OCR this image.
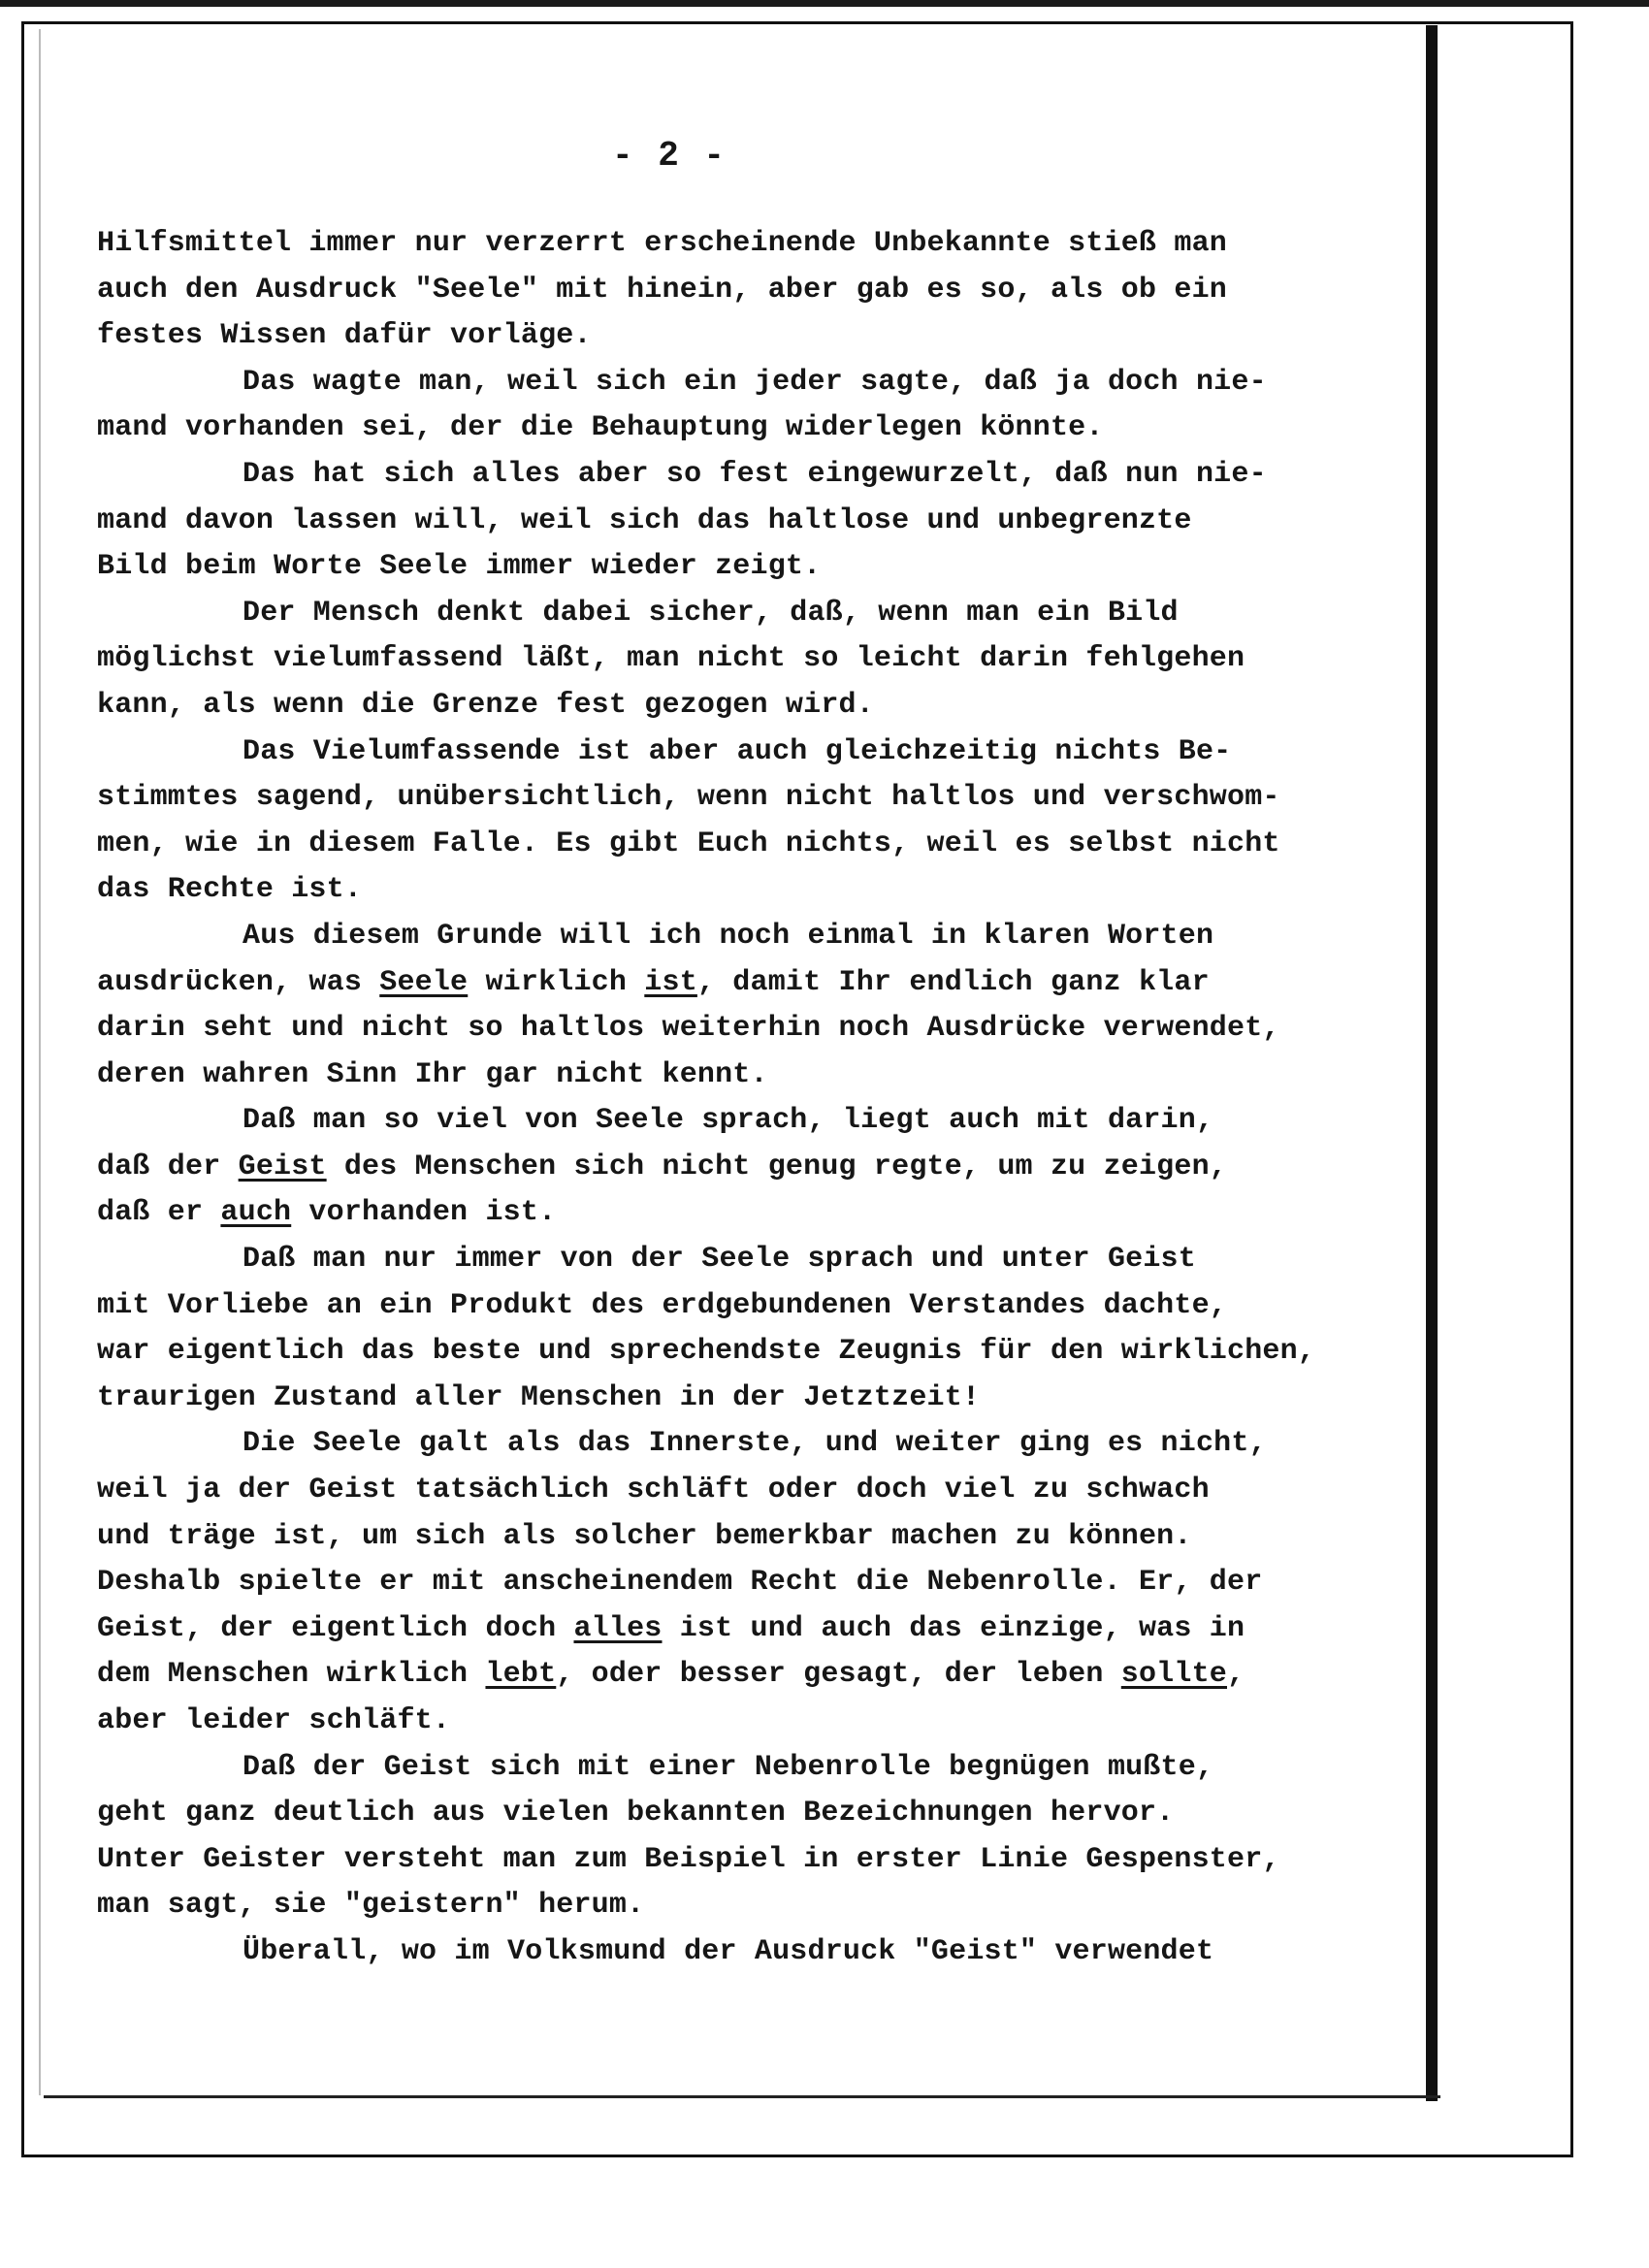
- 2 -
Hilfsmittel immer nur verzerrt erscheinende Unbekannte stieß man
auch den Ausdruck "Seele" mit hinein, aber gab es so, als ob ein
festes Wissen dafür vorläge.
Das wagte man, weil sich ein jeder sagte, daß ja doch nie-
mand vorhanden sei, der die Behauptung widerlegen könnte.
Das hat sich alles aber so fest eingewurzelt, daß nun nie-
mand davon lassen will, weil sich das haltlose und unbegrenzte
Bild beim Worte Seele immer wieder zeigt.
Der Mensch denkt dabei sicher, daß, wenn man ein Bild
möglichst vielumfassend läßt, man nicht so leicht darin fehlgehen
kann, als wenn die Grenze fest gezogen wird.
Das Vielumfassende ist aber auch gleichzeitig nichts Be-
stimmtes sagend, unübersichtlich, wenn nicht haltlos und verschwom-
men, wie in diesem Falle. Es gibt Euch nichts, weil es selbst nicht
das Rechte ist.
Aus diesem Grunde will ich noch einmal in klaren Worten
ausdrücken, was Seele wirklich ist, damit Ihr endlich ganz klar
darin seht und nicht so haltlos weiterhin noch Ausdrücke verwendet,
deren wahren Sinn Ihr gar nicht kennt.
Daß man so viel von Seele sprach, liegt auch mit darin,
daß der Geist des Menschen sich nicht genug regte, um zu zeigen,
daß er auch vorhanden ist.
Daß man nur immer von der Seele sprach und unter Geist
mit Vorliebe an ein Produkt des erdgebundenen Verstandes dachte,
war eigentlich das beste und sprechendste Zeugnis für den wirklichen,
traurigen Zustand aller Menschen in der Jetztzeit!
Die Seele galt als das Innerste, und weiter ging es nicht,
weil ja der Geist tatsächlich schläft oder doch viel zu schwach
und träge ist, um sich als solcher bemerkbar machen zu können.
Deshalb spielte er mit anscheinendem Recht die Nebenrolle. Er, der
Geist, der eigentlich doch alles ist und auch das einzige, was in
dem Menschen wirklich lebt, oder besser gesagt, der leben sollte,
aber leider schläft.
Daß der Geist sich mit einer Nebenrolle begnügen mußte,
geht ganz deutlich aus vielen bekannten Bezeichnungen hervor.
Unter Geister versteht man zum Beispiel in erster Linie Gespenster,
man sagt, sie "geistern" herum.
Überall, wo im Volksmund der Ausdruck "Geist" verwendet
